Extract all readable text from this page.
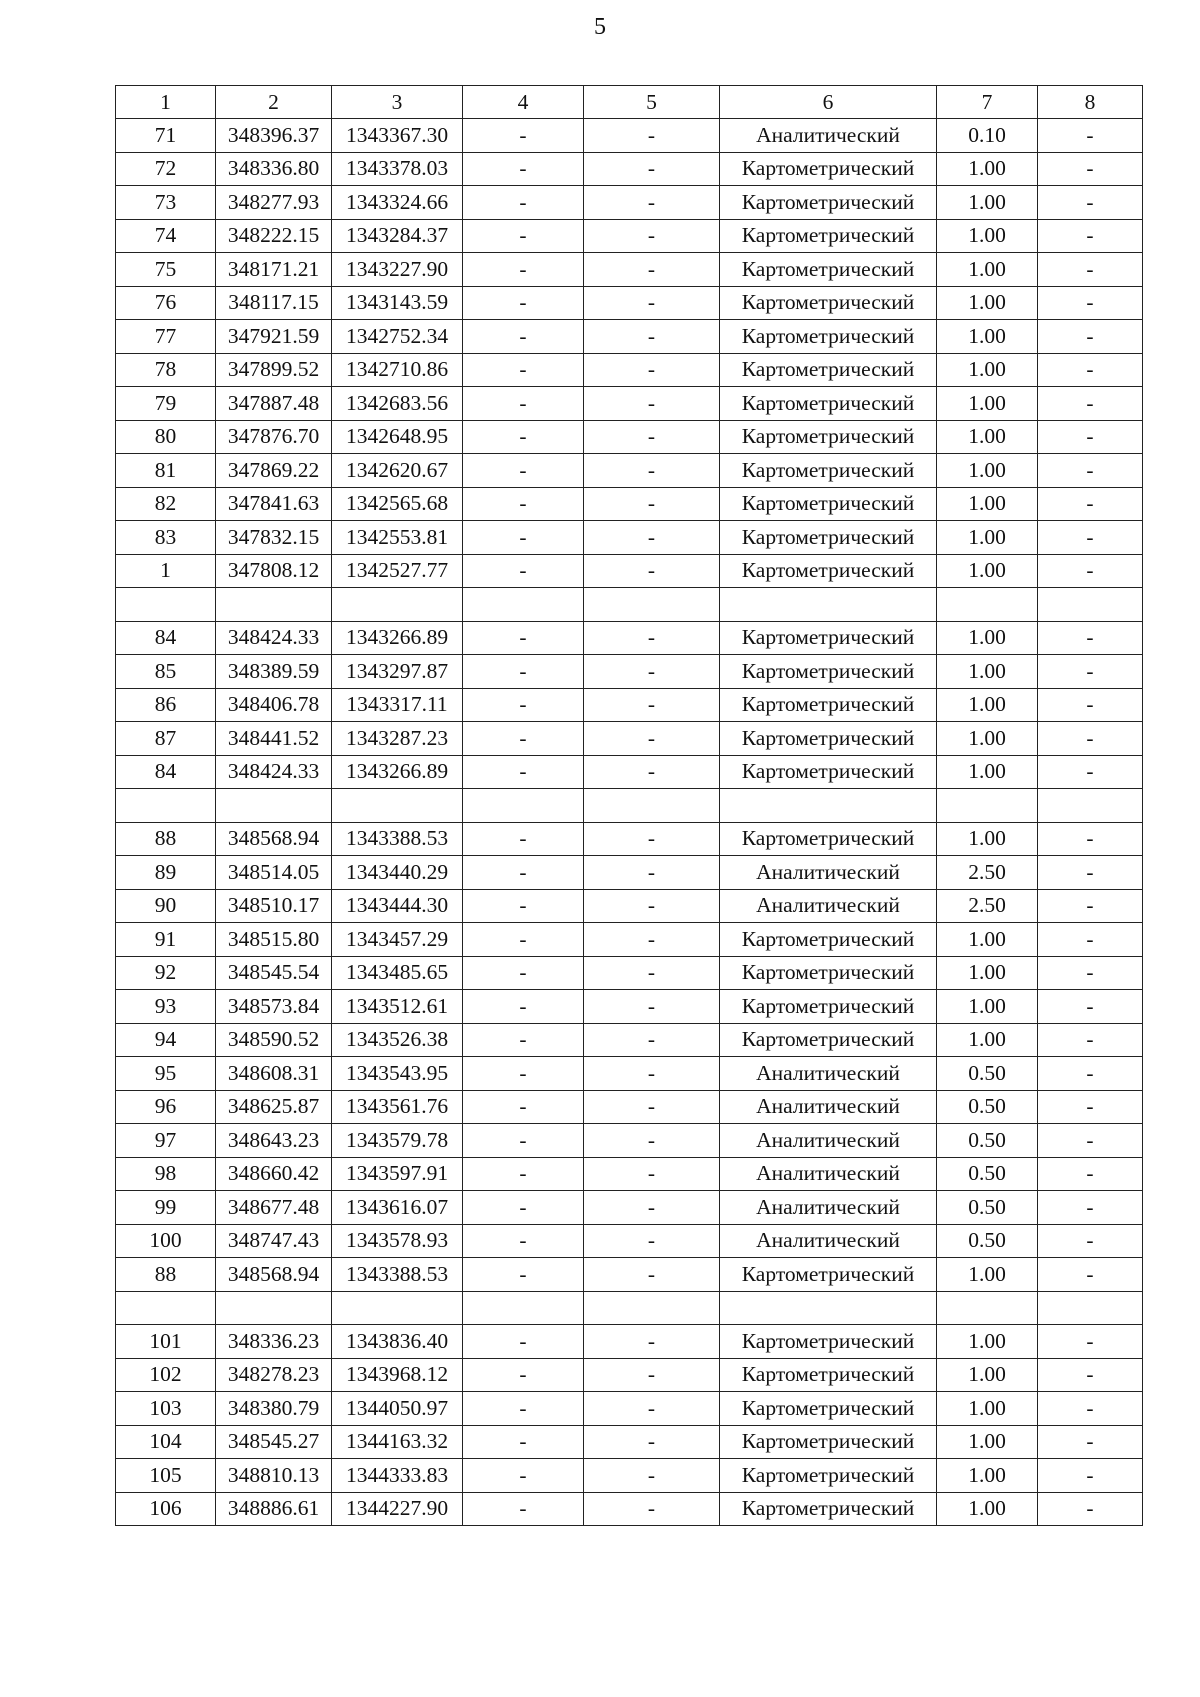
5
1	2	3	4	5	6	7	8
71	348396.37	1343367.30	-	-	Аналитический	0.10	-
72	348336.80	1343378.03	-	-	Картометрический	1.00	-
73	348277.93	1343324.66	-	-	Картометрический	1.00	-
74	348222.15	1343284.37	-	-	Картометрический	1.00	-
75	348171.21	1343227.90	-	-	Картометрический	1.00	-
76	348117.15	1343143.59	-	-	Картометрический	1.00	-
77	347921.59	1342752.34	-	-	Картометрический	1.00	-
78	347899.52	1342710.86	-	-	Картометрический	1.00	-
79	347887.48	1342683.56	-	-	Картометрический	1.00	-
80	347876.70	1342648.95	-	-	Картометрический	1.00	-
81	347869.22	1342620.67	-	-	Картометрический	1.00	-
82	347841.63	1342565.68	-	-	Картометрический	1.00	-
83	347832.15	1342553.81	-	-	Картометрический	1.00	-
1	347808.12	1342527.77	-	-	Картометрический	1.00	-

84	348424.33	1343266.89	-	-	Картометрический	1.00	-
85	348389.59	1343297.87	-	-	Картометрический	1.00	-
86	348406.78	1343317.11	-	-	Картометрический	1.00	-
87	348441.52	1343287.23	-	-	Картометрический	1.00	-
84	348424.33	1343266.89	-	-	Картометрический	1.00	-

88	348568.94	1343388.53	-	-	Картометрический	1.00	-
89	348514.05	1343440.29	-	-	Аналитический	2.50	-
90	348510.17	1343444.30	-	-	Аналитический	2.50	-
91	348515.80	1343457.29	-	-	Картометрический	1.00	-
92	348545.54	1343485.65	-	-	Картометрический	1.00	-
93	348573.84	1343512.61	-	-	Картометрический	1.00	-
94	348590.52	1343526.38	-	-	Картометрический	1.00	-
95	348608.31	1343543.95	-	-	Аналитический	0.50	-
96	348625.87	1343561.76	-	-	Аналитический	0.50	-
97	348643.23	1343579.78	-	-	Аналитический	0.50	-
98	348660.42	1343597.91	-	-	Аналитический	0.50	-
99	348677.48	1343616.07	-	-	Аналитический	0.50	-
100	348747.43	1343578.93	-	-	Аналитический	0.50	-
88	348568.94	1343388.53	-	-	Картометрический	1.00	-

101	348336.23	1343836.40	-	-	Картометрический	1.00	-
102	348278.23	1343968.12	-	-	Картометрический	1.00	-
103	348380.79	1344050.97	-	-	Картометрический	1.00	-
104	348545.27	1344163.32	-	-	Картометрический	1.00	-
105	348810.13	1344333.83	-	-	Картометрический	1.00	-
106	348886.61	1344227.90	-	-	Картометрический	1.00	-
